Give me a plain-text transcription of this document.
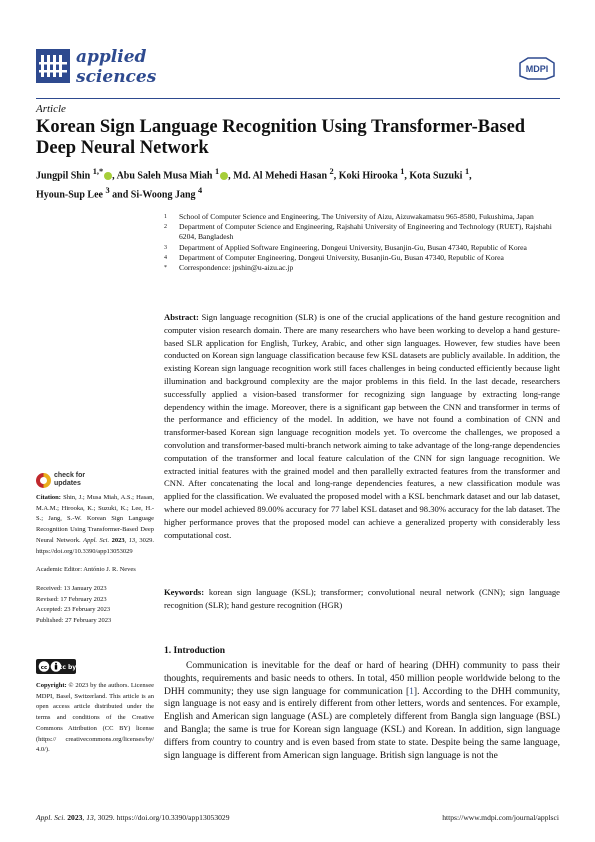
applied
sciences	MDPI
Article
Korean Sign Language Recognition Using Transformer-Based Deep Neural Network
Jungpil Shin $^{1,*}$ , Abu Saleh Musa Miah $^1$ , Md. Al Mehedi Hasan $^2$, Koki Hirooka $^1$, Kota Suzuki $^1$,
Hyoun-Sup Lee $^3$ and Si-Woong Jang $^4$
1	School of Computer Science and Engineering, The University of Aizu, Aizuwakamatsu 965-8580, Fukushima, Japan
2	Department of Computer Science and Engineering, Rajshahi University of Engineering and Technology (RUET), Rajshahi 6204, Bangladesh
3	Department of Applied Software Engineering, Dongeui University, Busanjin-Gu, Busan 47340, Republic of Korea
4	Department of Computer Engineering, Dongeui University, Busanjin-Gu, Busan 47340, Republic of Korea
*	Correspondence: jpshin@u-aizu.ac.jp
Abstract: Sign language recognition (SLR) is one of the crucial applications of the hand gesture recognition and computer vision research domain. There are many researchers who have been working to develop a hand gesture-based SLR application for English, Turkey, Arabic, and other sign languages. However, few studies have been conducted on Korean sign language classification because few KSL datasets are publicly available. In addition, the existing Korean sign language recognition work still faces challenges in being conducted efficiently because light illumination and background complexity are the major problems in this field. In the last decade, researchers successfully applied a vision-based transformer for recognizing sign language by extracting long-range dependency within the image. Moreover, there is a significant gap between the CNN and transformer in terms of the performance and efficiency of the model. In addition, we have not found a combination of CNN and transformer-based Korean sign language recognition models yet. To overcome the challenges, we proposed a convolution and transformer-based multi-branch network aiming to take advantage of the long-range dependencies computation of the transformer and local feature calculation of the CNN for sign language recognition. We extracted initial features with the grained model and then parallelly extracted features from the transformer and CNN. After concatenating the local and long-range dependencies features, a new classification module was applied for the classification. We evaluated the proposed model with a KSL benchmark dataset and our lab dataset, where our model achieved 89.00% accuracy for 77 label KSL dataset and 98.30% accuracy for the lab dataset. The higher performance proves that the proposed model can achieve a generalized property with considerably less computational cost.
Keywords: korean sign language (KSL); transformer; convolutional neural network (CNN); sign language recognition (SLR); hand gesture recognition (HGR)
check for
updates
Citation: Shin, J.; Musa Miah, A.S.; Hasan, M.A.M.; Hirooka, K.; Suzuki, K.; Lee, H.-S.; Jang, S.-W. Korean Sign Language Recognition Using Transformer-Based Deep Neural Network. Appl. Sci. 2023, 13, 3029. https://doi.org/10.3390/app13053029
Academic Editor: António J. R. Neves
Received: 13 January 2023
Revised: 17 February 2023
Accepted: 23 February 2023
Published: 27 February 2023
cc cc by
Copyright: © 2023 by the authors. Licensee MDPI, Basel, Switzerland. This article is an open access article distributed under the terms and conditions of the Creative Commons Attribution (CC BY) license (https:// creativecommons.org/licenses/by/ 4.0/).
1. Introduction
Communication is inevitable for the deaf or hard of hearing (DHH) community to pass their thoughts, requirements and basic needs to others. In total, 450 million people worldwide belong to the DHH community; they use sign language for communication [1]. According to the DHH community, sign language is not easy and is entirely different from other letters, words and sentences. For example, English and American sign language (ASL) are completely different from Bangla sign language (BSL) and Bangla; the same is true for Korean sign language (KSL) and Korean. In addition, sign language differs from country to country and is even based from state to state. Despite being the same language, sign language is different from American sign language. British sign language is not the
Appl. Sci. 2023, 13, 3029. https://doi.org/10.3390/app13053029	https://www.mdpi.com/journal/applsci
